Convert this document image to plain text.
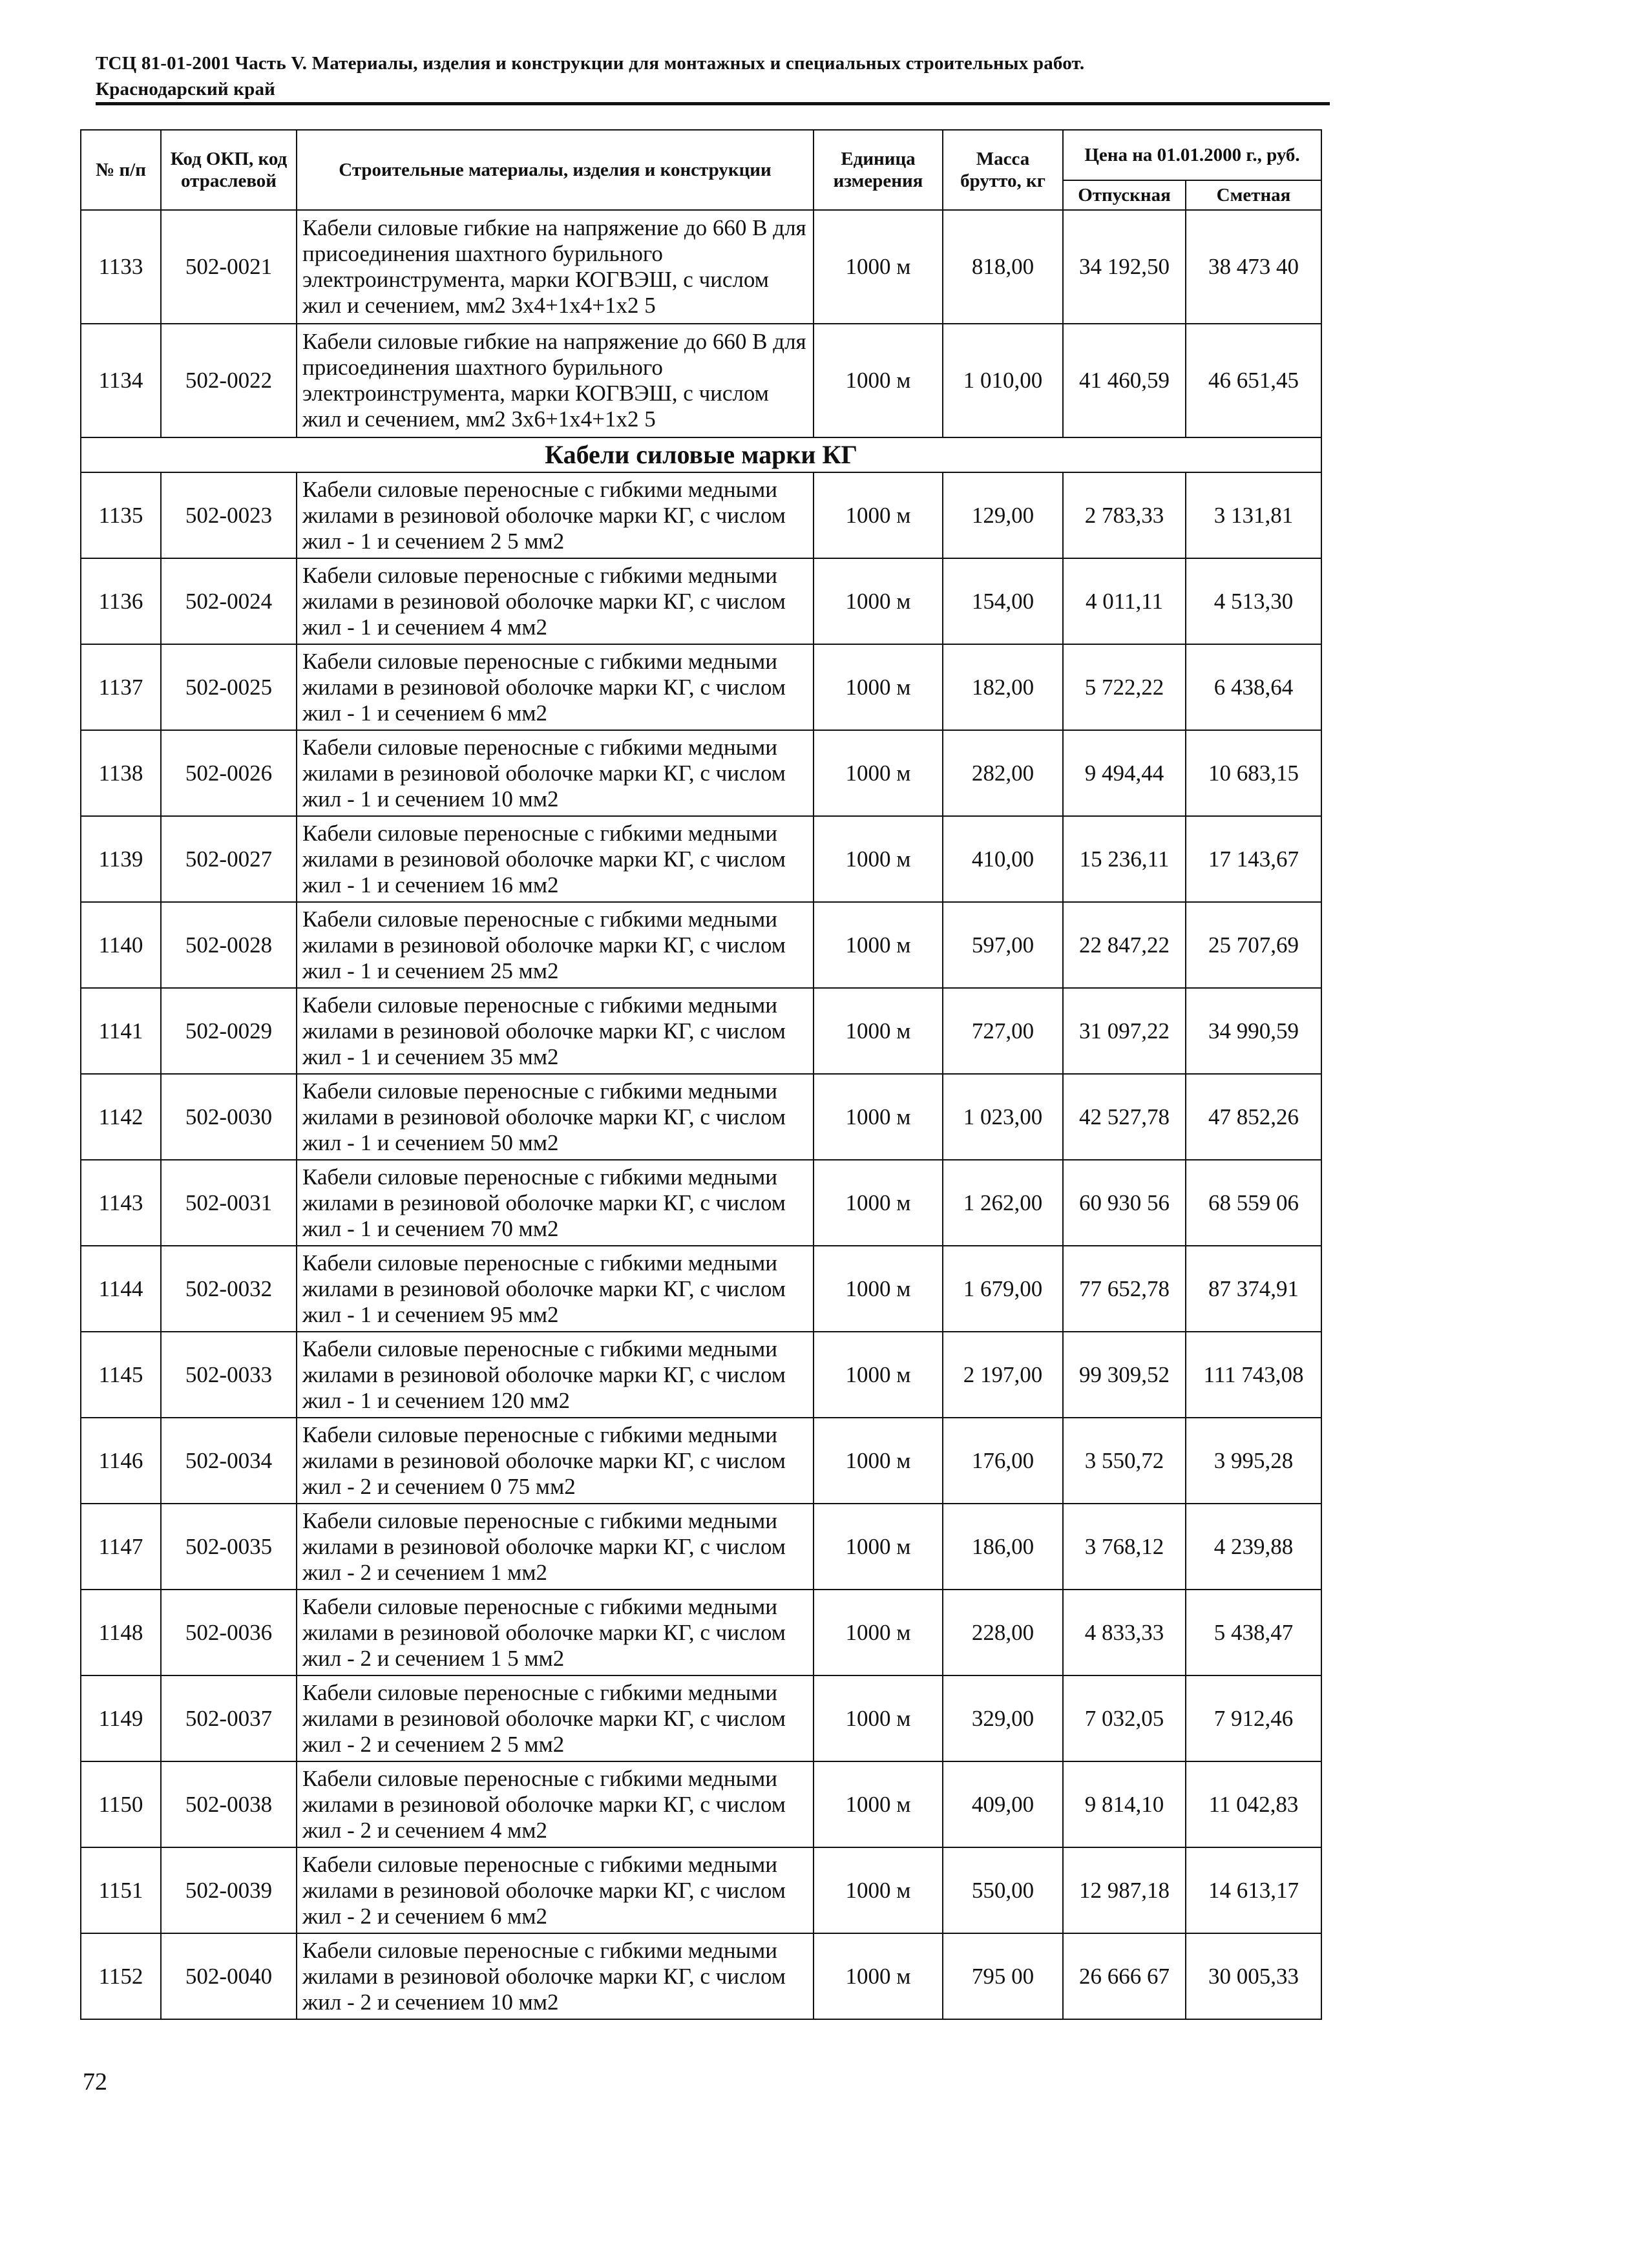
ТСЦ 81-01-2001 Часть V. Материалы, изделия и конструкции для монтажных и специальных строительных работ.
Краснодарский край
№ п/п	Код ОКП, код отраслевой	Строительные материалы, изделия и конструкции	Единица измерения	Масса брутто, кг	Цена на 01.01.2000 г., руб.	
					Отпускная	Сметная
1133	502-0021	Кабели силовые гибкие на напряжение до 660 В для присоединения шахтного бурильного электроинструмента, марки КОГВЭШ, с числом жил и сечением, мм2 3х4+1х4+1х2 5	1000 м	818,00	34 192,50	38 473 40
1134	502-0022	Кабели силовые гибкие на напряжение до 660 В для присоединения шахтного бурильного электроинструмента, марки КОГВЭШ, с числом жил и сечением, мм2 3х6+1х4+1х2 5	1000 м	1 010,00	41 460,59	46 651,45
Кабели силовые марки КГ						
1135	502-0023	Кабели силовые переносные с гибкими медными жилами в резиновой оболочке марки КГ, с числом жил - 1 и сечением 2 5 мм2	1000 м	129,00	2 783,33	3 131,81
1136	502-0024	Кабели силовые переносные с гибкими медными жилами в резиновой оболочке марки КГ, с числом жил - 1 и сечением 4 мм2	1000 м	154,00	4 011,11	4 513,30
1137	502-0025	Кабели силовые переносные с гибкими медными жилами в резиновой оболочке марки КГ, с числом жил - 1 и сечением 6 мм2	1000 м	182,00	5 722,22	6 438,64
1138	502-0026	Кабели силовые переносные с гибкими медными жилами в резиновой оболочке марки КГ, с числом жил - 1 и сечением 10 мм2	1000 м	282,00	9 494,44	10 683,15
1139	502-0027	Кабели силовые переносные с гибкими медными жилами в резиновой оболочке марки КГ, с числом жил - 1 и сечением 16 мм2	1000 м	410,00	15 236,11	17 143,67
1140	502-0028	Кабели силовые переносные с гибкими медными жилами в резиновой оболочке марки КГ, с числом жил - 1 и сечением 25 мм2	1000 м	597,00	22 847,22	25 707,69
1141	502-0029	Кабели силовые переносные с гибкими медными жилами в резиновой оболочке марки КГ, с числом жил - 1 и сечением 35 мм2	1000 м	727,00	31 097,22	34 990,59
1142	502-0030	Кабели силовые переносные с гибкими медными жилами в резиновой оболочке марки КГ, с числом жил - 1 и сечением 50 мм2	1000 м	1 023,00	42 527,78	47 852,26
1143	502-0031	Кабели силовые переносные с гибкими медными жилами в резиновой оболочке марки КГ, с числом жил - 1 и сечением 70 мм2	1000 м	1 262,00	60 930 56	68 559 06
1144	502-0032	Кабели силовые переносные с гибкими медными жилами в резиновой оболочке марки КГ, с числом жил - 1 и сечением 95 мм2	1000 м	1 679,00	77 652,78	87 374,91
1145	502-0033	Кабели силовые переносные с гибкими медными жилами в резиновой оболочке марки КГ, с числом жил - 1 и сечением 120 мм2	1000 м	2 197,00	99 309,52	111 743,08
1146	502-0034	Кабели силовые переносные с гибкими медными жилами в резиновой оболочке марки КГ, с числом жил - 2 и сечением 0 75 мм2	1000 м	176,00	3 550,72	3 995,28
1147	502-0035	Кабели силовые переносные с гибкими медными жилами в резиновой оболочке марки КГ, с числом жил - 2 и сечением 1 мм2	1000 м	186,00	3 768,12	4 239,88
1148	502-0036	Кабели силовые переносные с гибкими медными жилами в резиновой оболочке марки КГ, с числом жил - 2 и сечением 1 5 мм2	1000 м	228,00	4 833,33	5 438,47
1149	502-0037	Кабели силовые переносные с гибкими медными жилами в резиновой оболочке марки КГ, с числом жил - 2 и сечением 2 5 мм2	1000 м	329,00	7 032,05	7 912,46
1150	502-0038	Кабели силовые переносные с гибкими медными жилами в резиновой оболочке марки КГ, с числом жил - 2 и сечением 4 мм2	1000 м	409,00	9 814,10	11 042,83
1151	502-0039	Кабели силовые переносные с гибкими медными жилами в резиновой оболочке марки КГ, с числом жил - 2 и сечением 6 мм2	1000 м	550,00	12 987,18	14 613,17
1152	502-0040	Кабели силовые переносные с гибкими медными жилами в резиновой оболочке марки КГ, с числом жил - 2 и сечением 10 мм2	1000 м	795 00	26 666 67	30 005,33
72
